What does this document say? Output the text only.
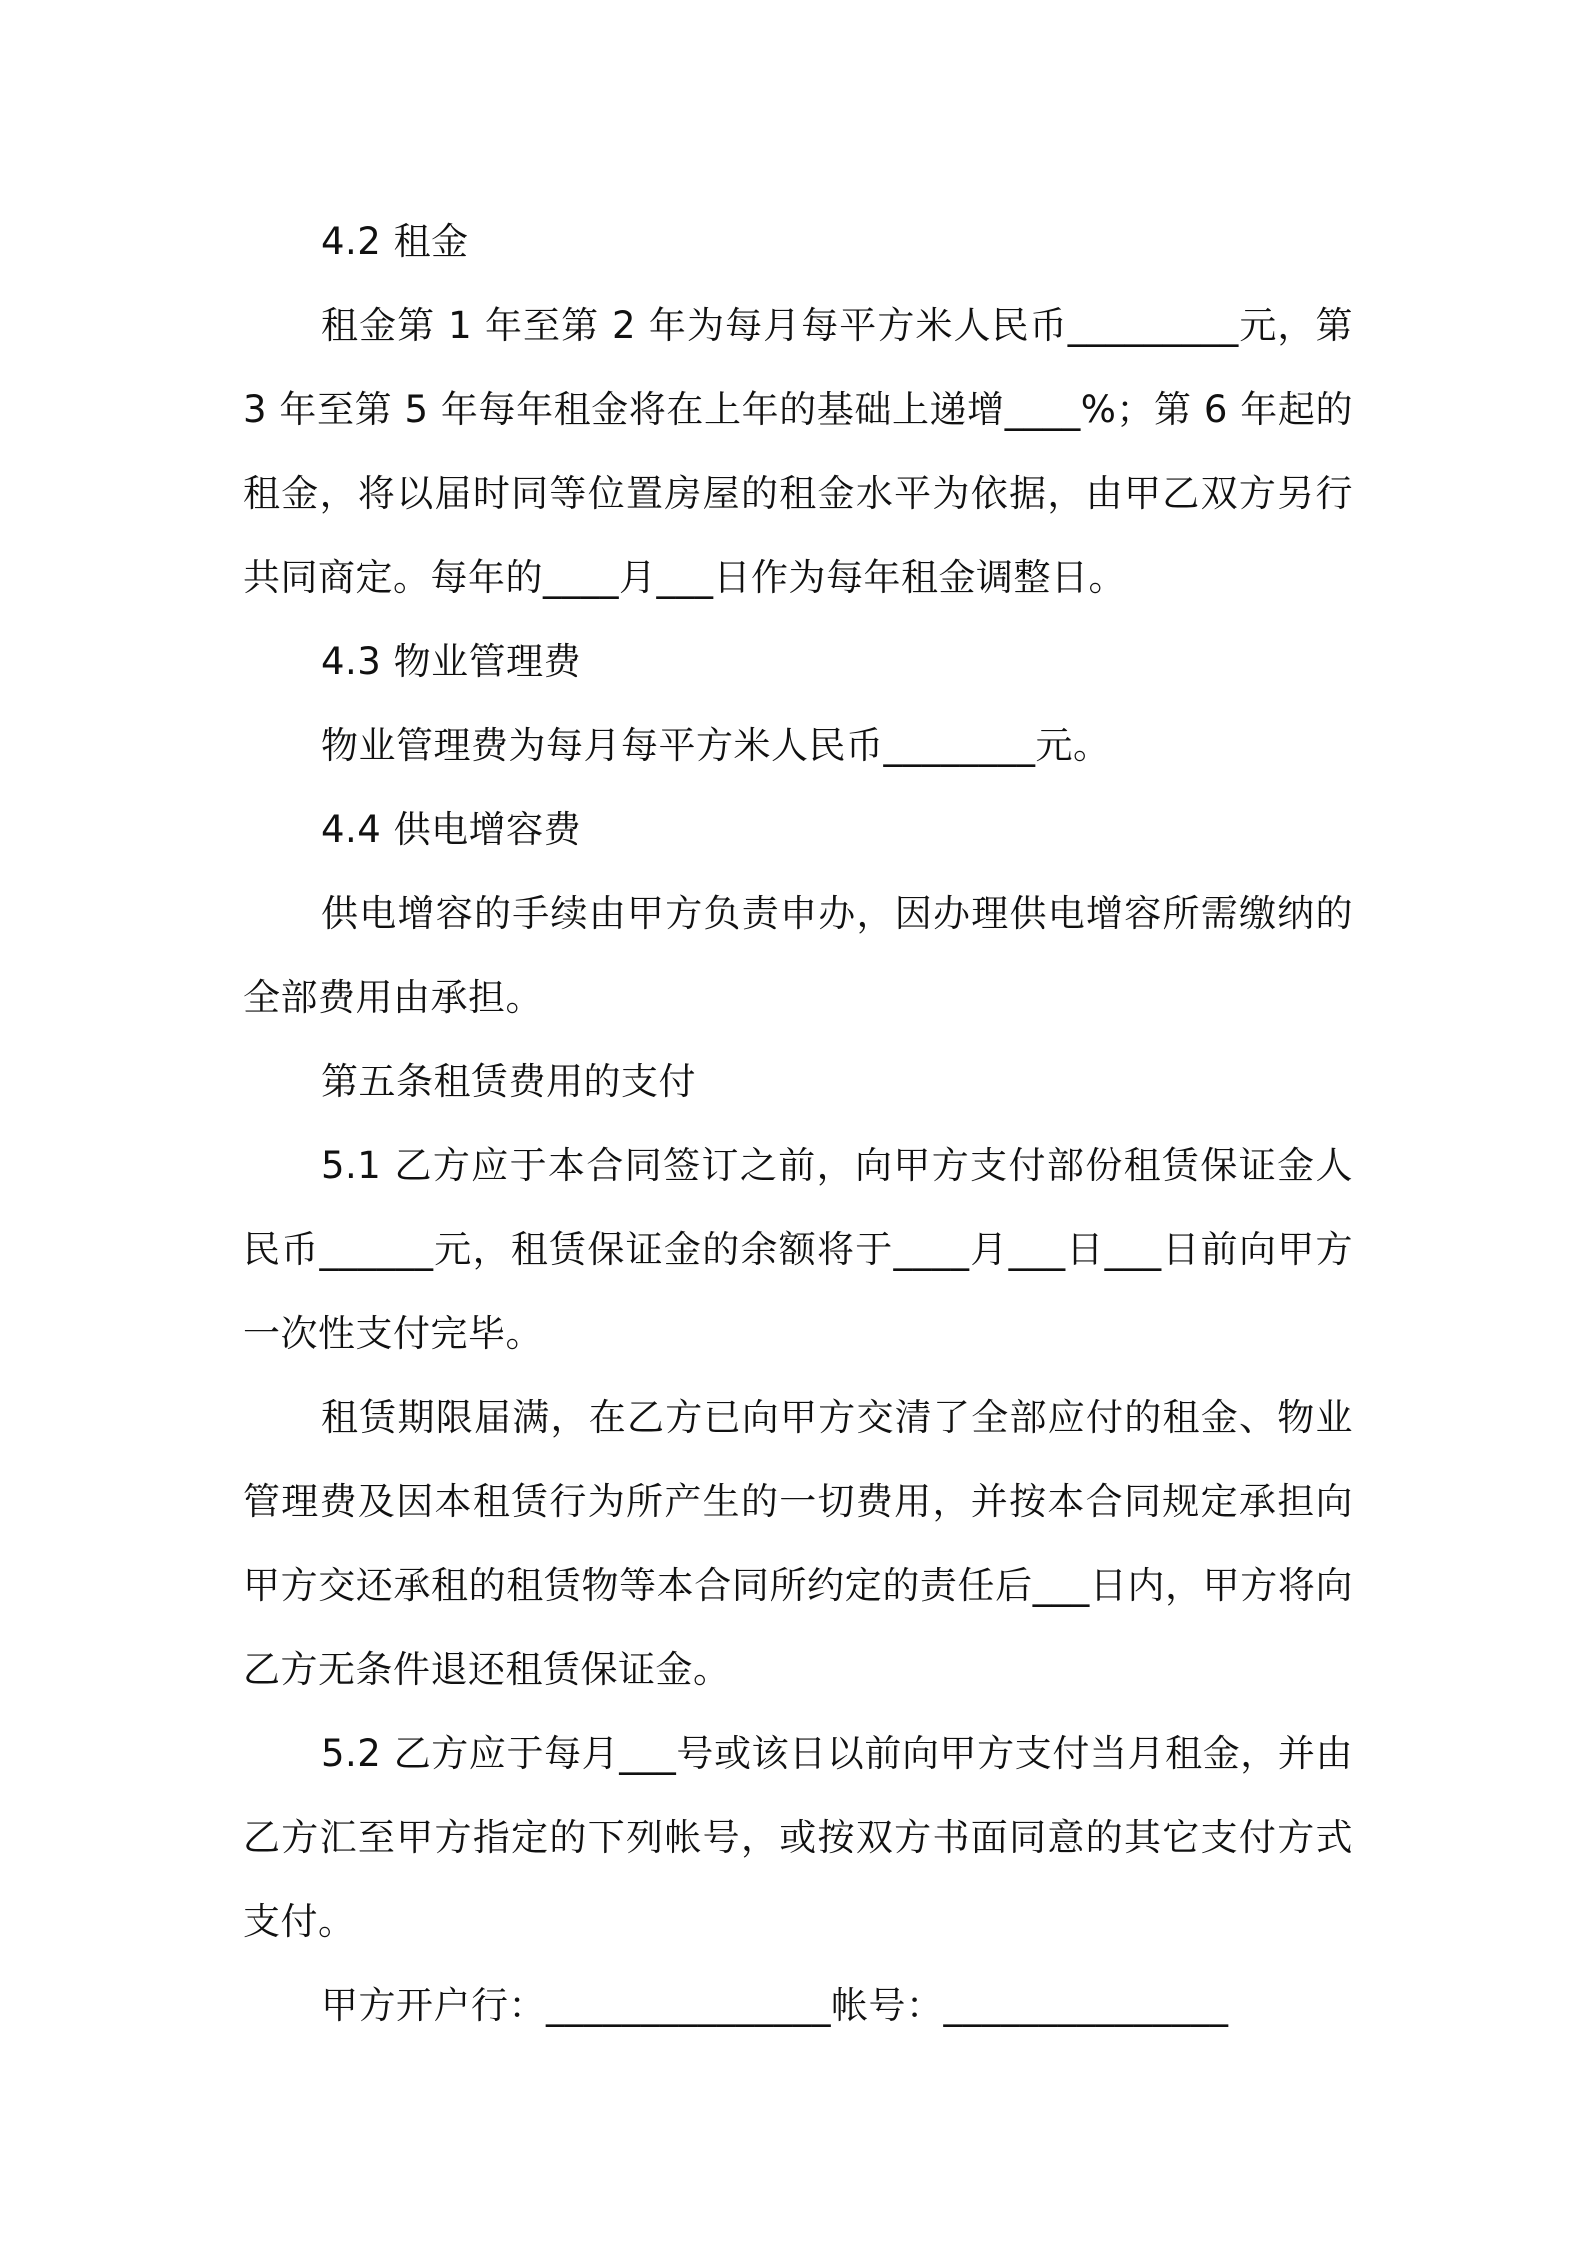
4.2 租金

租金第 1 年至第 2 年为每月每平方米人民币_________元，第 3 年至第 5 年每年租金将在上年的基础上递增____%；第 6 年起的租金，将以届时同等位置房屋的租金水平为依据，由甲乙双方另行共同商定。每年的____月___日作为每年租金调整日。

4.3 物业管理费

物业管理费为每月每平方米人民币________元。

4.4 供电增容费

供电增容的手续由甲方负责申办，因办理供电增容所需缴纳的全部费用由承担。

第五条租赁费用的支付

5.1 乙方应于本合同签订之前，向甲方支付部份租赁保证金人民币______元，租赁保证金的余额将于____月___日___日前向甲方一次性支付完毕。

租赁期限届满，在乙方已向甲方交清了全部应付的租金、物业管理费及因本租赁行为所产生的一切费用，并按本合同规定承担向甲方交还承租的租赁物等本合同所约定的责任后___日内，甲方将向乙方无条件退还租赁保证金。

5.2 乙方应于每月___号或该日以前向甲方支付当月租金，并由乙方汇至甲方指定的下列帐号，或按双方书面同意的其它支付方式支付。

甲方开户行：_______________帐号：_______________
